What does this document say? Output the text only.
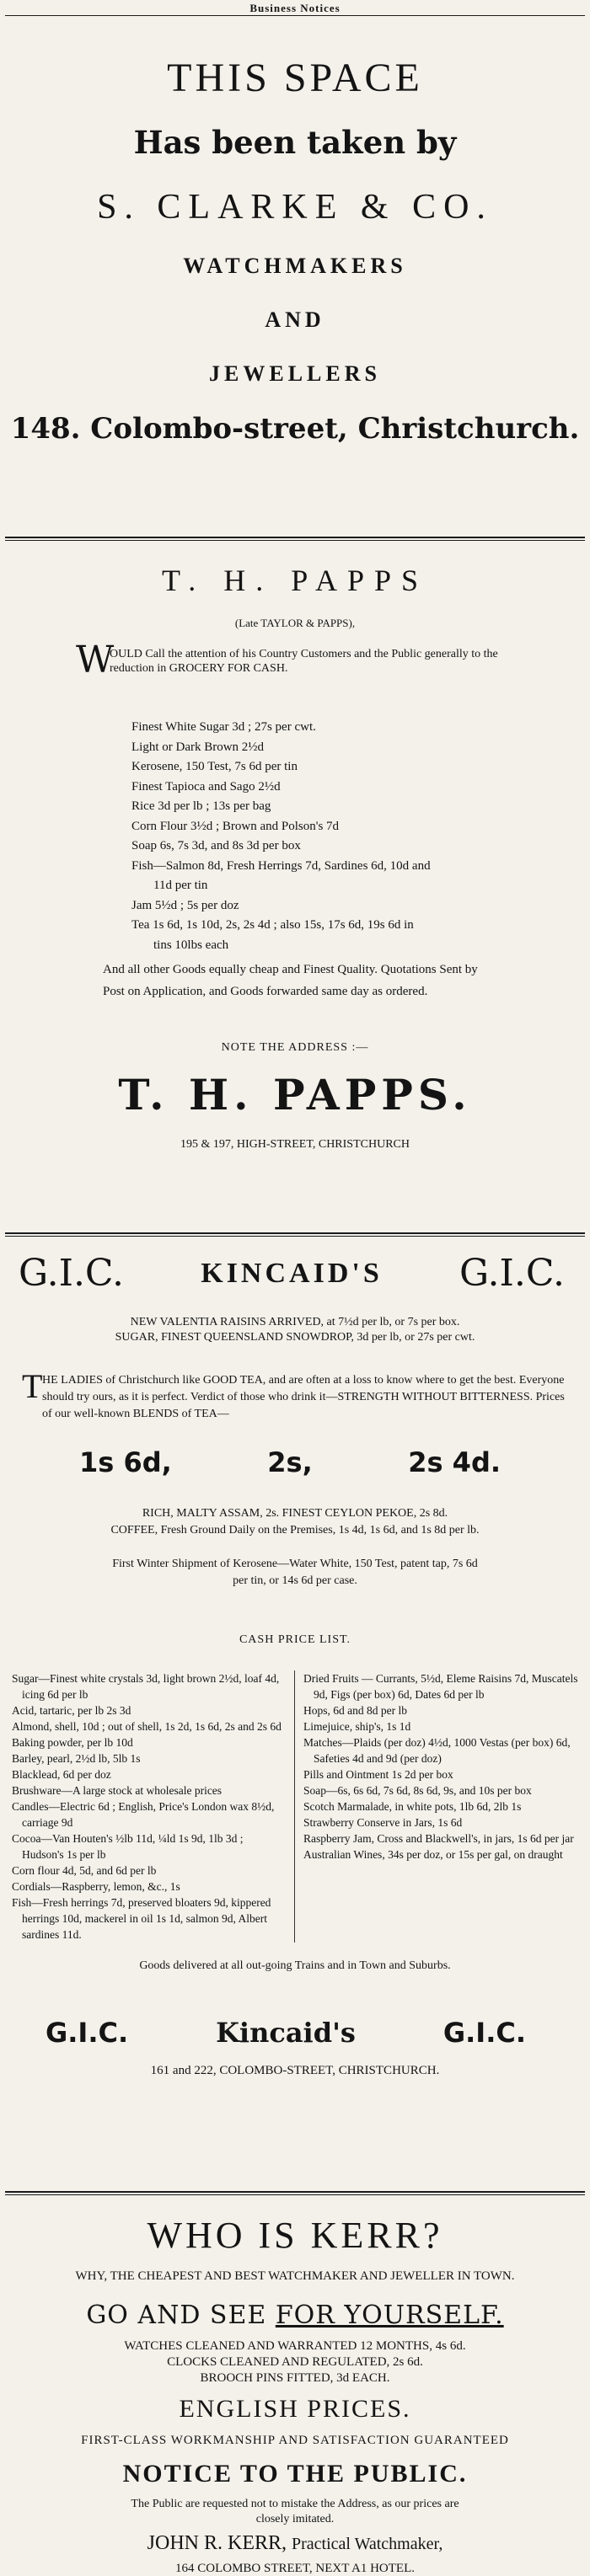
Business Notices
THIS SPACE
Has been taken by
S. CLARKE & CO.
WATCHMAKERS
AND
JEWELLERS
148. Colombo-street, Christchurch.
T. H. PAPPS
(Late TAYLOR & PAPPS),
W
OULD Call the attention of his Country Customers and the Public generally to the reduction in GROCERY FOR CASH.
Finest White Sugar 3d ; 27s per cwt.
Light or Dark Brown 2½d
Kerosene, 150 Test, 7s 6d per tin
Finest Tapioca and Sago 2½d
Rice 3d per lb ; 13s per bag
Corn Flour 3½d ; Brown and Polson's 7d
Soap 6s, 7s 3d, and 8s 3d per box
Fish—Salmon 8d, Fresh Herrings 7d, Sardines 6d, 10d and
11d per tin
Jam 5½d ; 5s per doz
Tea 1s 6d, 1s 10d, 2s, 2s 4d ; also 15s, 17s 6d, 19s 6d in
tins 10lbs each
And all other Goods equally cheap and Finest Quality. Quotations Sent by Post on Application, and Goods forwarded same day as ordered.
NOTE THE ADDRESS :—
T. H. PAPPS.
195 & 197, HIGH-STREET, CHRISTCHURCH
G.I.C.	KINCAID'S G.I.C.
NEW VALENTIA RAISINS ARRIVED, at 7½d per lb, or 7s per box.
SUGAR, FINEST QUEENSLAND SNOWDROP, 3d per lb, or 27s per cwt.
T HE LADIES of Christchurch like GOOD TEA, and are often at a loss to know where to get the best. Everyone should try ours, as it is perfect. Verdict of those who drink it—STRENGTH WITHOUT BITTERNESS. Prices of our well-known BLENDS of TEA—
1s 6d,	2s,	2s 4d.
RICH, MALTY ASSAM, 2s. FINEST CEYLON PEKOE, 2s 8d.
COFFEE, Fresh Ground Daily on the Premises, 1s 4d, 1s 6d, and 1s 8d per lb.
First Winter Shipment of Kerosene—Water White, 150 Test, patent tap, 7s 6d
per tin, or 14s 6d per case.
CASH PRICE LIST.
Sugar—Finest white crystals 3d, light brown 2½d, loaf 4d, icing 6d per lb
Acid, tartaric, per lb 2s 3d
Almond, shell, 10d ; out of shell, 1s 2d, 1s 6d, 2s and 2s 6d
Baking powder, per lb 10d
Barley, pearl, 2½d lb, 5lb 1s
Blacklead, 6d per doz
Brushware—A large stock at wholesale prices
Candles—Electric 6d ; English, Price's London wax 8½d, carriage 9d
Cocoa—Van Houten's ½lb 11d, ¼ld 1s 9d, 1lb 3d ; Hudson's 1s per lb
Corn flour 4d, 5d, and 6d per lb
Cordials—Raspberry, lemon, &c., 1s
Fish—Fresh herrings 7d, preserved bloaters 9d, kippered herrings 10d, mackerel in oil 1s 1d, salmon 9d, Albert sardines 11d.
Dried Fruits — Currants, 5½d, Eleme Raisins 7d, Muscatels 9d, Figs (per box) 6d, Dates 6d per lb
Hops, 6d and 8d per lb
Limejuice, ship's, 1s 1d
Matches—Plaids (per doz) 4½d, 1000 Vestas (per box) 6d, Safeties 4d and 9d (per doz)
Pills and Ointment 1s 2d per box
Soap—6s, 6s 6d, 7s 6d, 8s 6d, 9s, and 10s per box
Scotch Marmalade, in white pots, 1lb 6d, 2lb 1s
Strawberry Conserve in Jars, 1s 6d
Raspberry Jam, Cross and Blackwell's, in jars, 1s 6d per jar
Australian Wines, 34s per doz, or 15s per gal, on draught
Goods delivered at all out-going Trains and in Town and Suburbs.
G.I.C.	Kincaid's	G.I.C.
161 and 222, COLOMBO-STREET, CHRISTCHURCH.
WHO IS KERR?
WHY, THE CHEAPEST AND BEST WATCHMAKER AND JEWELLER IN TOWN.
GO AND SEE FOR YOURSELF.
WATCHES CLEANED AND WARRANTED 12 MONTHS, 4s 6d.
CLOCKS CLEANED AND REGULATED, 2s 6d.
BROOCH PINS FITTED, 3d EACH.
ENGLISH PRICES.
FIRST-CLASS WORKMANSHIP AND SATISFACTION GUARANTEED
NOTICE TO THE PUBLIC.
The Public are requested not to mistake the Address, as our prices are
closely imitated.
JOHN R. KERR, Practical Watchmaker,
164 COLOMBO STREET, NEXT A1 HOTEL.
